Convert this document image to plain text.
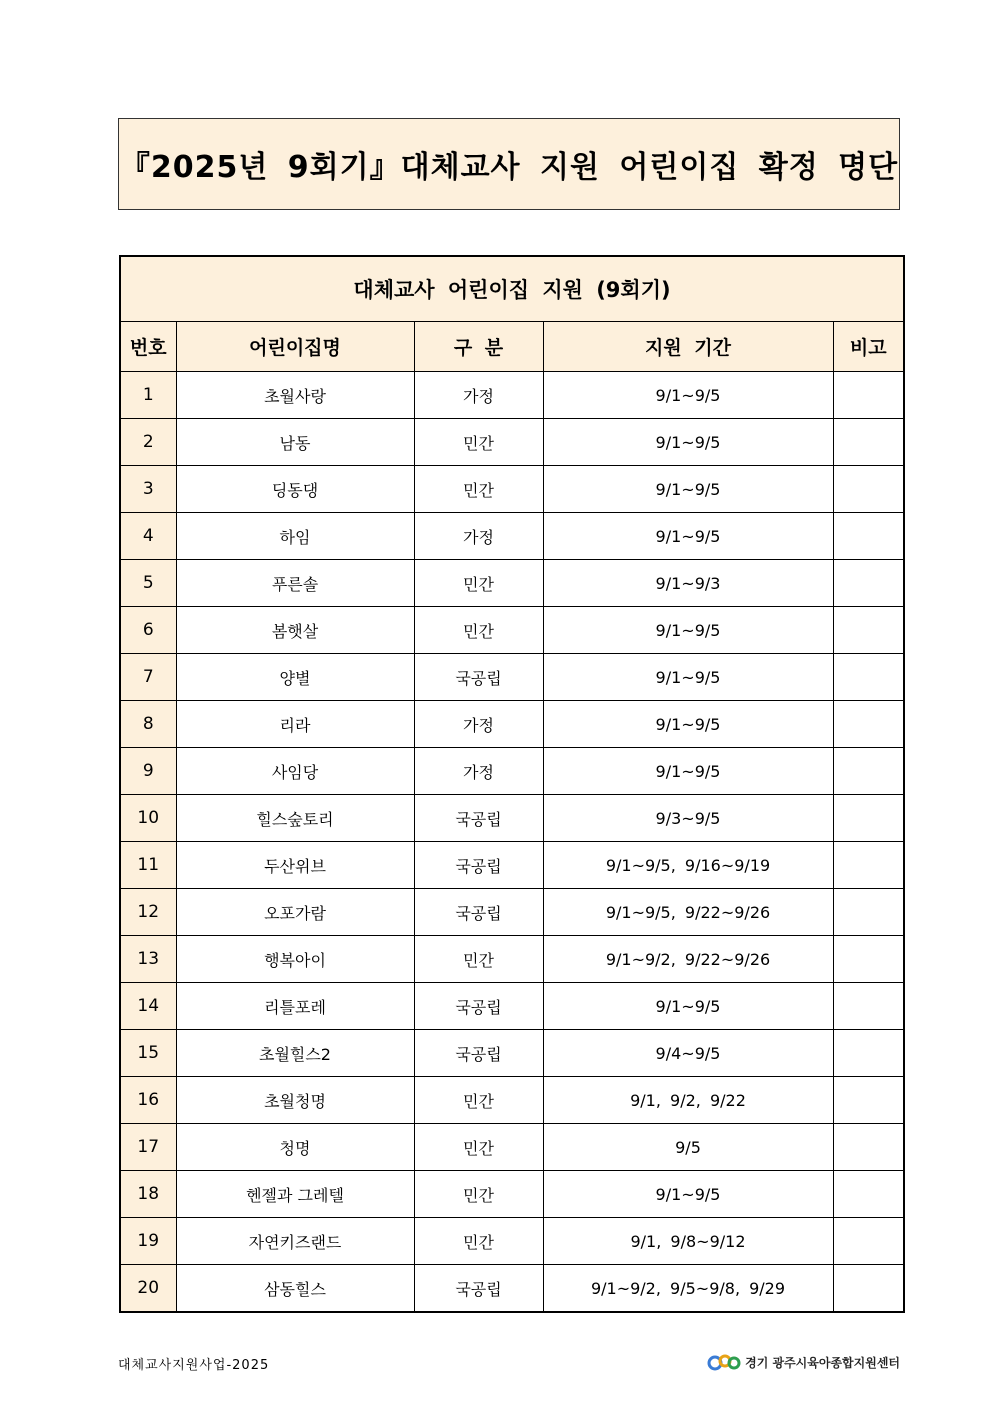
『2025년 9회기』대체교사 지원 어린이집 확정 명단
대체교사 어린이집 지원 (9회기)				
번호	어린이집명	구 분	지원 기간	비고
1	초월사랑	가정	9/1~9/5	
2	남동	민간	9/1~9/5	
3	딩동댕	민간	9/1~9/5	
4	하임	가정	9/1~9/5	
5	푸른솔	민간	9/1~9/3	
6	봄햇살	민간	9/1~9/5	
7	양별	국공립	9/1~9/5	
8	리라	가정	9/1~9/5	
9	사임당	가정	9/1~9/5	
10	힐스숲토리	국공립	9/3~9/5	
11	두산위브	국공립	9/1~9/5, 9/16~9/19	
12	오포가람	국공립	9/1~9/5, 9/22~9/26	
13	행복아이	민간	9/1~9/2, 9/22~9/26	
14	리틀포레	국공립	9/1~9/5	
15	초월힐스2	국공립	9/4~9/5	
16	초월청명	민간	9/1, 9/2, 9/22	
17	청명	민간	9/5	
18	헨젤과 그레텔	민간	9/1~9/5	
19	자연키즈랜드	민간	9/1, 9/8~9/12	
20	삼동힐스	국공립	9/1~9/2, 9/5~9/8, 9/29	
대체교사지원사업-2025	경기 광주시육아종합지원센터
